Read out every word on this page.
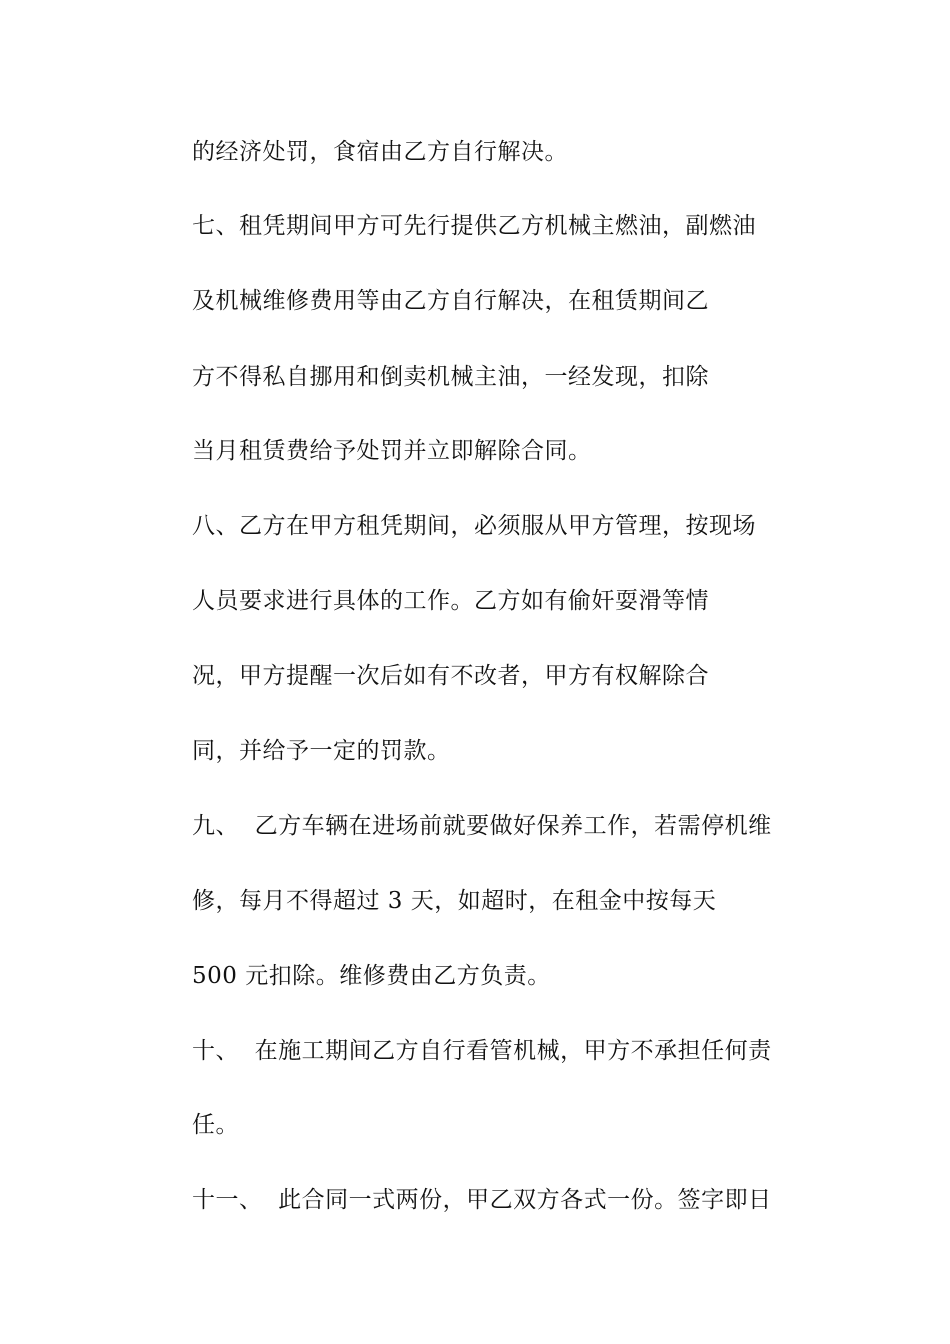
的经济处罚，食宿由乙方自行解决。
七、租凭期间甲方可先行提供乙方机械主燃油，副燃油
及机械维修费用等由乙方自行解决，在租赁期间乙
方不得私自挪用和倒卖机械主油，一经发现，扣除
当月租赁费给予处罚并立即解除合同。
八、乙方在甲方租凭期间，必须服从甲方管理，按现场
人员要求进行具体的工作。乙方如有偷奸耍滑等情
况，甲方提醒一次后如有不改者，甲方有权解除合
同，并给予一定的罚款。
九、  乙方车辆在进场前就要做好保养工作，若需停机维
修，每月不得超过 3 天，如超时，在租金中按每天
500 元扣除。维修费由乙方负责。
十、  在施工期间乙方自行看管机械，甲方不承担任何责
任。
十一、  此合同一式两份，甲乙双方各式一份。签字即日
